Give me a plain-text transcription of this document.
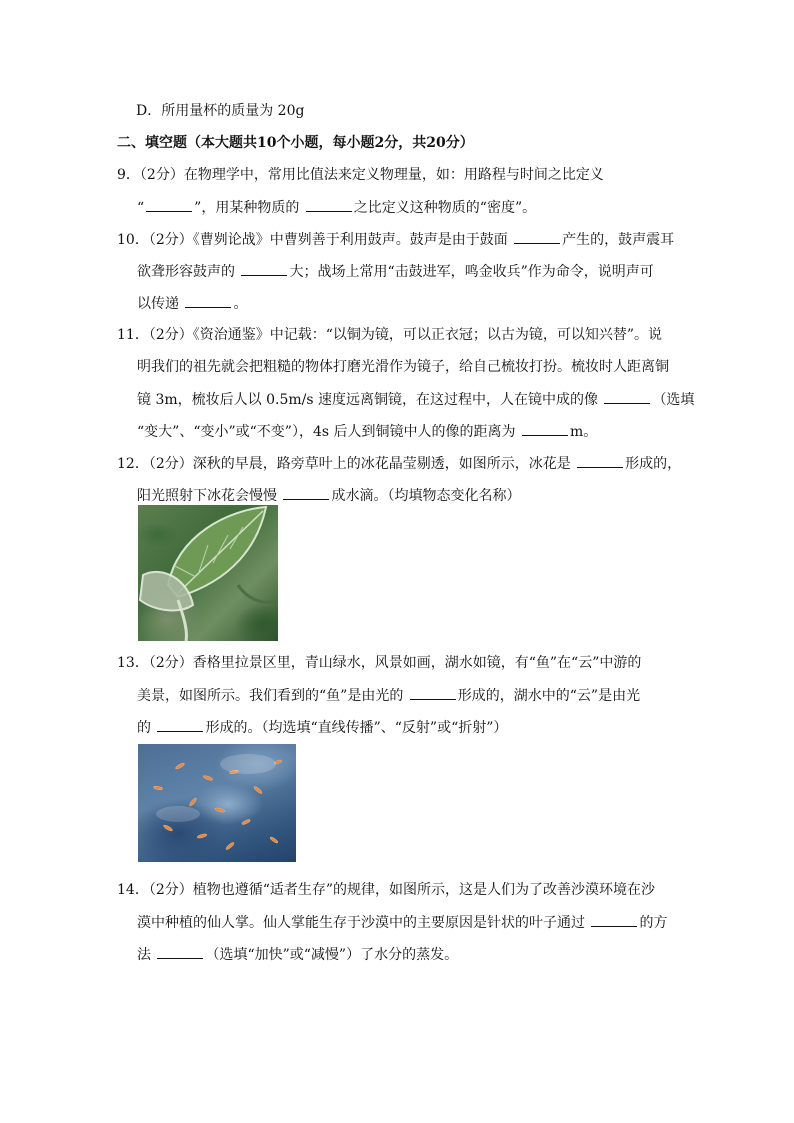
D．所用量杯的质量为 20g
二、填空题（本大题共10个小题，每小题2分，共20分）
9．（2分）在物理学中，常用比值法来定义物理量，如：用路程与时间之比定义
“	”，用某种物质的	之比定义这种物质的“密度”。
10．（2分）《曹刿论战》中曹刿善于利用鼓声。鼓声是由于鼓面	产生的，鼓声震耳
欲聋形容鼓声的	大；战场上常用“击鼓进军，鸣金收兵”作为命令，说明声可
以传递	。
11．（2分）《资治通鉴》中记载：“以铜为镜，可以正衣冠；以古为镜，可以知兴替”。说
明我们的祖先就会把粗糙的物体打磨光滑作为镜子，给自己梳妆打扮。梳妆时人距离铜
镜 3m，梳妆后人以 0.5m/s 速度远离铜镜，在这过程中，人在镜中成的像	（选填
“变大”、“变小”或“不变”），4s 后人到铜镜中人的像的距离为	m。
12．（2分）深秋的早晨，路旁草叶上的冰花晶莹剔透，如图所示，冰花是	形成的，
阳光照射下冰花会慢慢	成水滴。（均填物态变化名称）
13．（2分）香格里拉景区里，青山绿水，风景如画，湖水如镜，有“鱼”在“云”中游的
美景，如图所示。我们看到的“鱼”是由光的	形成的，湖水中的“云”是由光
的	形成的。（均选填“直线传播”、“反射”或“折射”）
14．（2分）植物也遵循“适者生存”的规律，如图所示，这是人们为了改善沙漠环境在沙
漠中种植的仙人掌。仙人掌能生存于沙漠中的主要原因是针状的叶子通过	的方
法	（选填“加快”或“减慢”）了水分的蒸发。
